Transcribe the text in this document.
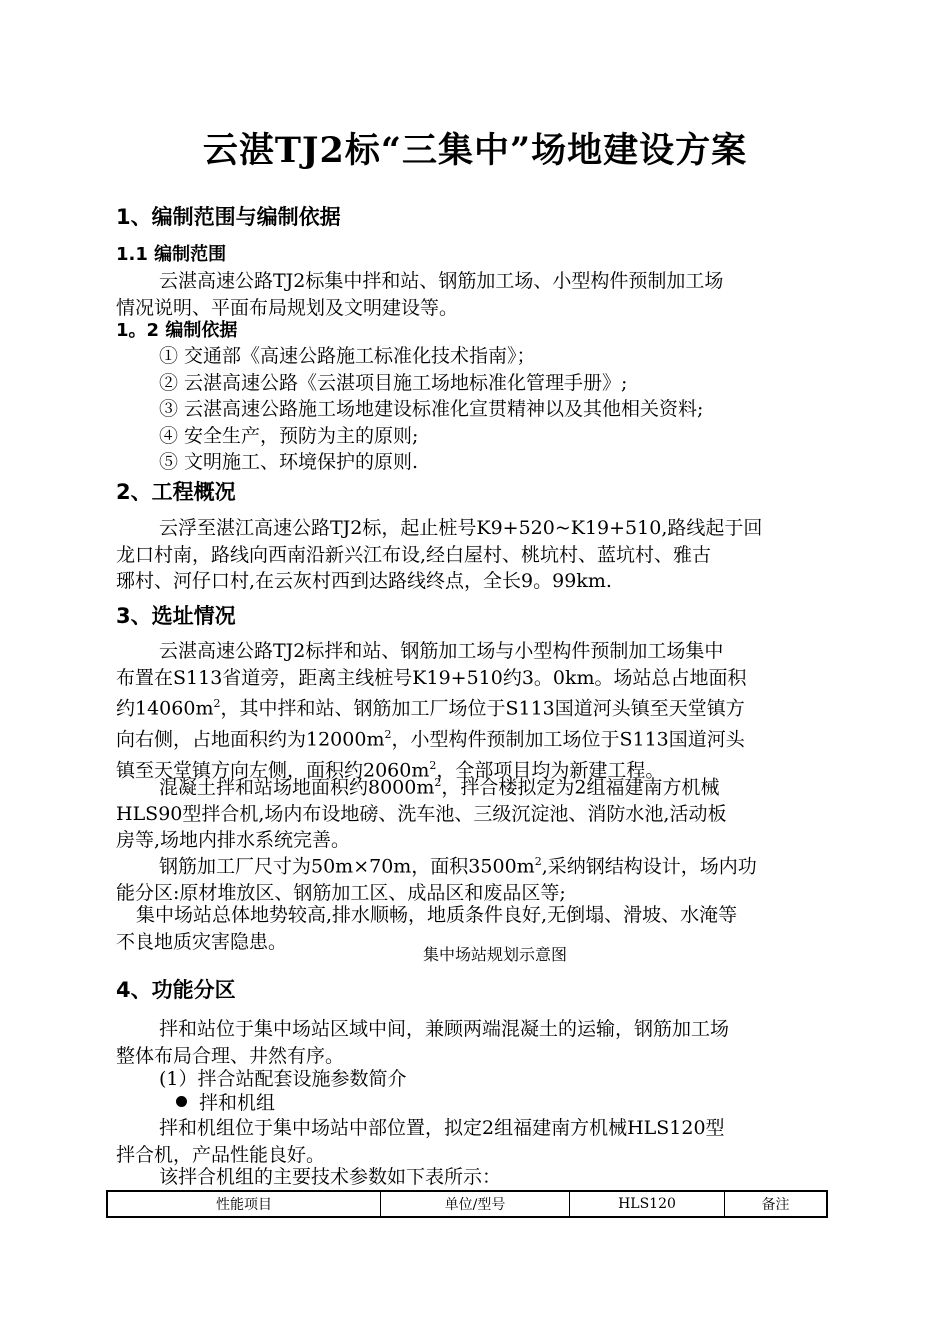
云湛TJ2标“三集中”场地建设方案
1、编制范围与编制依据
1.1 编制范围
云湛高速公路TJ2标集中拌和站、钢筋加工场、小型构件预制加工场
情况说明、平面布局规划及文明建设等。
1。2 编制依据
① 交通部《高速公路施工标准化技术指南》；
② 云湛高速公路《云湛项目施工场地标准化管理手册》;
③ 云湛高速公路施工场地建设标准化宣贯精神以及其他相关资料;
④ 安全生产，预防为主的原则;
⑤ 文明施工、环境保护的原则.
2、工程概况
云浮至湛江高速公路TJ2标，起止桩号K9+520~K19+510,路线起于回
龙口村南，路线向西南沿新兴江布设,经白屋村、桃坑村、蓝坑村、雅古
琊村、河仔口村,在云灰村西到达路线终点，全长9。99km.
3、选址情况
云湛高速公路TJ2标拌和站、钢筋加工场与小型构件预制加工场集中
布置在S113省道旁，距离主线桩号K19+510约3。0km。场站总占地面积
约$14060m^2$，其中拌和站、钢筋加工厂场位于S113国道河头镇至天堂镇方
向右侧，占地面积约为$12000m^2$，小型构件预制加工场位于S113国道河头
镇至天堂镇方向左侧，面积约$2060m^2$，全部项目均为新建工程。
混凝土拌和站场地面积约$8000m^2$，拌合楼拟定为2组福建南方机械
HLS90型拌合机,场内布设地磅、洗车池、三级沉淀池、消防水池,活动板
房等,场地内排水系统完善。
钢筋加工厂尺寸为50m×70m，面积$3500m^2$,采纳钢结构设计，场内功
能分区:原材堆放区、钢筋加工区、成品区和废品区等;
集中场站总体地势较高,排水顺畅，地质条件良好,无倒塌、滑坡、水淹等
不良地质灾害隐患。
集中场站规划示意图
4、功能分区
拌和站位于集中场站区域中间，兼顾两端混凝土的运输，钢筋加工场
整体布局合理、井然有序。
(1）拌合站配套设施参数简介
拌和机组
拌和机组位于集中场站中部位置，拟定2组福建南方机械HLS120型
拌合机，产品性能良好。
该拌合机组的主要技术参数如下表所示：
性能项目	单位/型号	HLS120	备注
